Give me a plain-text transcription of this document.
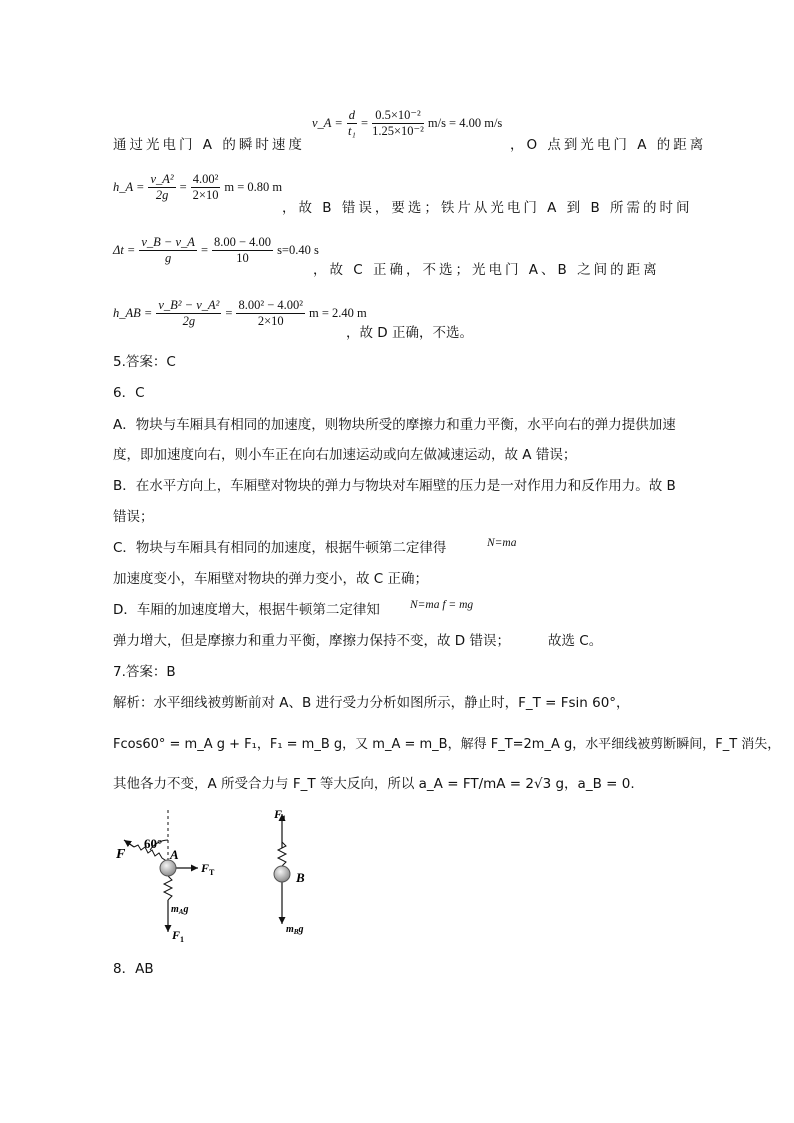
v_A = $\frac{d}{\text{t₁}} = \frac{\text{0.5×10⁻²}}{\text{1.25×10⁻²}} m/s = 4.00$ m/s
通过光电门 A 的瞬时速度	，O 点到光电门 A 的距离
h_A = $\frac{\text{v\_A²}}{2g} = \frac{\text{4.00²}}{2\times 10}$ m = 0.80 m
，故 B 错误，要选；铁片从光电门 A 到 B 所需的时间
$\Delta t = \frac{v\_B - v\_A}{g} = \frac{8.00 - 4.00}{10} s=0.40$ s
，故 C 正确，不选；光电门 A、B 之间的距离
h_AB = $\frac{\text{v\_B² − v\_A²}}{2g} = \frac{\text{8.00² − 4.00²}}{2\times 10}$ m = 2.40 m
，故 D 正确，不选。
5.答案：C
6．C
A．物块与车厢具有相同的加速度，则物块所受的摩擦力和重力平衡，水平向右的弹力提供加速
度，即加速度向右，则小车正在向右加速运动或向左做减速运动，故 A 错误；
B．在水平方向上，车厢壁对物块的弹力与物块对车厢壁的压力是一对作用力和反作用力。故 B
错误；
C．物块与车厢具有相同的加速度，根据牛顿第二定律得	N=ma
加速度变小，车厢壁对物块的弹力变小，故 C 正确；
D．车厢的加速度增大，根据牛顿第二定律知	N=ma f = mg
弹力增大，但是摩擦力和重力平衡，摩擦力保持不变，故 D 错误；	故选 C。
7.答案：B
解析：水平细线被剪断前对 A、B 进行受力分析如图所示，静止时，F_T = Fsin 60°，
Fcos60° = m_A g + F₁，F₁ = m_B g，又 m_A = m_B，解得 F_T=2m_A g，水平细线被剪断瞬间，F_T 消失，
其他各力不变，A 所受合力与 F_T 等大反向，所以 a_A = FT/mA = 2√3 g，a_B = 0.
F
60°
A
$F_T$
$m_Ag$
$F_1$
$F_1$
B
$m_Bg$
8．AB
